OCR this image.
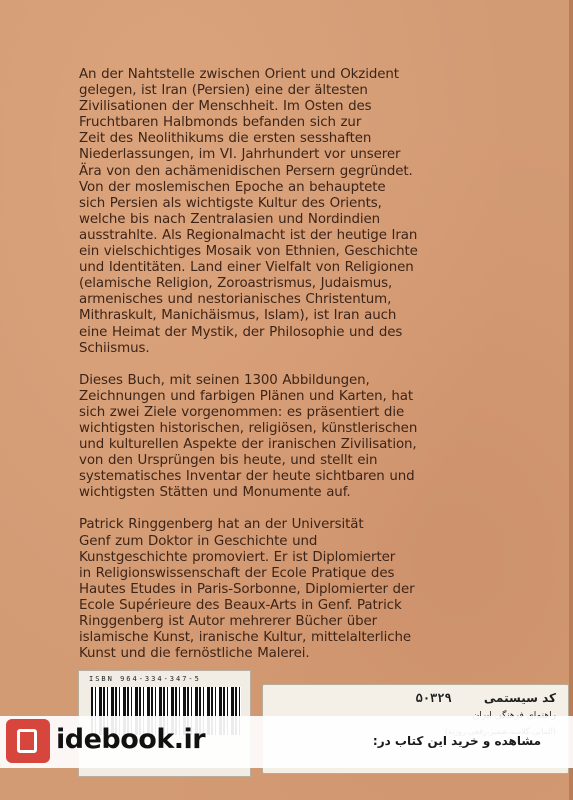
An der Nahtstelle zwischen Orient und Okzident
gelegen, ist Iran (Persien) eine der ältesten
Zivilisationen der Menschheit. Im Osten des
Fruchtbaren Halbmonds befanden sich zur
Zeit des Neolithikums die ersten sesshaften
Niederlassungen, im VI. Jahrhundert vor unserer
Ära von den achämenidischen Persern gegründet.
Von der moslemischen Epoche an behauptete
sich Persien als wichtigste Kultur des Orients,
welche bis nach Zentralasien und Nordindien
ausstrahlte. Als Regionalmacht ist der heutige Iran
ein vielschichtiges Mosaik von Ethnien, Geschichte
und Identitäten. Land einer Vielfalt von Religionen
(elamische Religion, Zoroastrismus, Judaismus,
armenisches und nestorianisches Christentum,
Mithraskult, Manichäismus, Islam), ist Iran auch
eine Heimat der Mystik, der Philosophie und des
Schiismus.

Dieses Buch, mit seinen 1300 Abbildungen,
Zeichnungen und farbigen Plänen und Karten, hat
sich zwei Ziele vorgenommen: es präsentiert die
wichtigsten historischen, religiösen, künstlerischen
und kulturellen Aspekte der iranischen Zivilisation,
von den Ursprüngen bis heute, und stellt ein
systematisches Inventar der heute sichtbaren und
wichtigsten Stätten und Monumente auf.

Patrick Ringgenberg hat an der Universität
Genf zum Doktor in Geschichte und
Kunstgeschichte promoviert. Er ist Diplomierter
in Religionswissenschaft der Ecole Pratique des
Hautes Etudes in Paris-Sorbonne, Diplomierter der
Ecole Supérieure des Beaux-Arts in Genf. Patrick
Ringgenberg ist Autor mehrerer Bücher über
islamische Kunst, iranische Kultur, mittelalterliche
Kunst und die fernöstliche Malerei.

ISBN 964-334-347-5
کد سیستمی ۵۰۳۲۹
idebook.ir	مشاهده و خرید این کتاب در:
